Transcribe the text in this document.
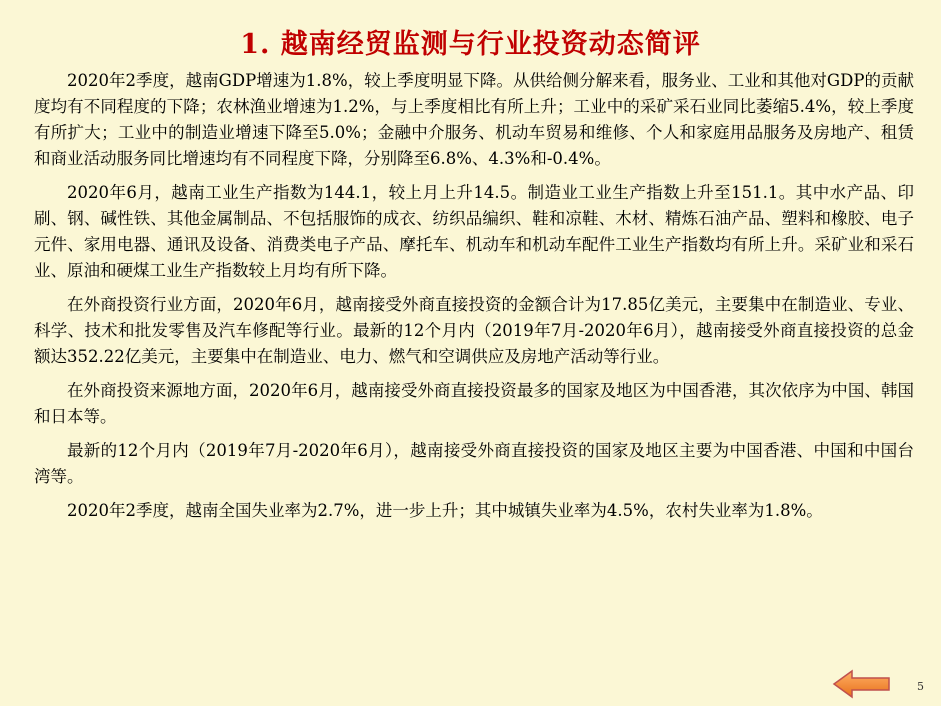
1. 越南经贸监测与行业投资动态简评

2020年2季度，越南GDP增速为1.8%，较上季度明显下降。从供给侧分解来看，服务业、工业和其他对GDP的贡献度均有不同程度的下降；农林渔业增速为1.2%，与上季度相比有所上升；工业中的采矿采石业同比萎缩5.4%，较上季度有所扩大；工业中的制造业增速下降至5.0%；金融中介服务、机动车贸易和维修、个人和家庭用品服务及房地产、租赁和商业活动服务同比增速均有不同程度下降，分别降至6.8%、4.3%和-0.4%。

2020年6月，越南工业生产指数为144.1，较上月上升14.5。制造业工业生产指数上升至151.1。其中水产品、印刷、钢、碱性铁、其他金属制品、不包括服饰的成衣、纺织品编织、鞋和凉鞋、木材、精炼石油产品、塑料和橡胶、电子元件、家用电器、通讯及设备、消费类电子产品、摩托车、机动车和机动车配件工业生产指数均有所上升。采矿业和采石业、原油和硬煤工业生产指数较上月均有所下降。

在外商投资行业方面，2020年6月，越南接受外商直接投资的金额合计为17.85亿美元，主要集中在制造业、专业、科学、技术和批发零售及汽车修配等行业。最新的12个月内（2019年7月-2020年6月），越南接受外商直接投资的总金额达352.22亿美元，主要集中在制造业、电力、燃气和空调供应及房地产活动等行业。

在外商投资来源地方面，2020年6月，越南接受外商直接投资最多的国家及地区为中国香港，其次依序为中国、韩国和日本等。

最新的12个月内（2019年7月-2020年6月），越南接受外商直接投资的国家及地区主要为中国香港、中国和中国台湾等。

2020年2季度，越南全国失业率为2.7%，进一步上升；其中城镇失业率为4.5%，农村失业率为1.8%。

5
